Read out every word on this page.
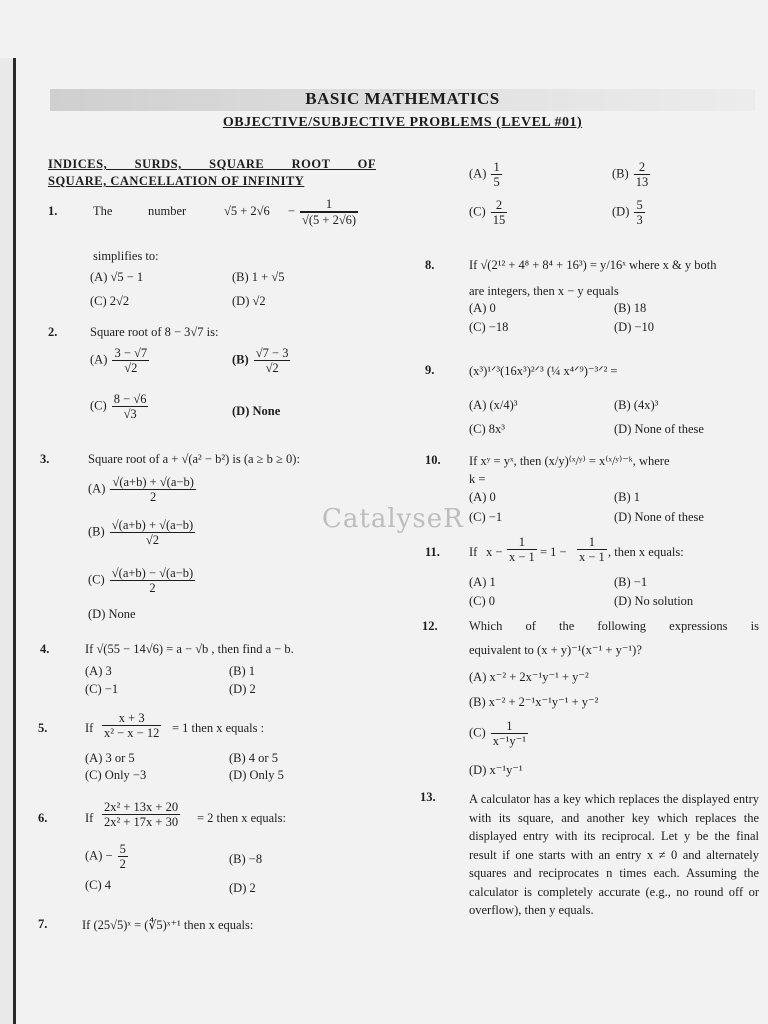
BASIC MATHEMATICS
OBJECTIVE/SUBJECTIVE PROBLEMS (LEVEL #01)
INDICES, SURDS, SQUARE ROOT OF
SQUARE, CANCELLATION OF INFINITY
CatalyseR
1.	The	number	$√5 + 2√6 - \frac{1}{√(5 + 2√6)}$
simplifies to:
(A) √5 − 1	(B) 1 + √5
(C) 2√2	(D) √2
2.	Square root of 8 − 3√7 is:
$(A) \frac{3 - √7}{√2}$	$(B) \frac{√7 - 3}{√2}$
$(C) \frac{8 - √6}{√3}$	(D) None
3.	Square root of a + √(a² − b²) is (a ≥ b ≥ 0):
$(A) \frac{√(a+b) + √(a-b)}{2}$
$(B) \frac{√(a+b) + √(a-b)}{√2}$
$(C) \frac{√(a+b) - √(a-b)}{2}$
(D) None
4.	If √(55 − 14√6) = a − √b , then find a − b.
(A) 3	(B) 1
(C) −1	(D) 2
5.	If $\frac{x + 3}{\text{x² − x − 12}} = 1$ then x equals :
(A) 3 or 5	(B) 4 or 5
(C) Only −3	(D) Only 5
6.	If $\frac{\text{2x² + 13x + 20}}{\text{2x² + 17x + 30}} = 2$ then x equals:
$(A) - \frac{5}{2}$	(B) −8
(C) 4	(D) 2
7.	If (25√5)ˣ = (∜5)ˣ⁺¹ then x equals:
$(A) \frac{1}{5}$	$(B) \frac{2}{13}$
$(C) \frac{2}{15}$	$(D) \frac{5}{3}$
8.	If √(2¹² + 4⁸ + 8⁴ + 16³) = y/16ˣ where x & y both
are integers, then x − y equals
(A) 0	(B) 18
(C) −18	(D) −10
9.	(x³)¹ᐟ³(16x³)²ᐟ³ (¼ x⁴ᐟ⁹)⁻³ᐟ² =
(A) (x/4)³	(B) (4x)³
(C) 8x³	(D) None of these
10. If xʸ = yˣ, then (x/y)⁽ˣ/ʸ⁾ = x⁽ˣ/ʸ⁾⁻ᵏ, where
k =
(A) 0	(B) 1
(C) −1	(D) None of these
11. If $x - \frac{1}{x - 1} = 1 - \frac{1}{x - 1}$ , then x equals:
(A) 1	(B) −1
(C) 0	(D) No solution
12.	Which of the following expressions is
equivalent to (x + y)⁻¹(x⁻¹ + y⁻¹)?
(A) x⁻² + 2x⁻¹y⁻¹ + y⁻²
(B) x⁻² + 2⁻¹x⁻¹y⁻¹ + y⁻²
$(C) \frac{1}{\text{x⁻¹y⁻¹}}$
(D) x⁻¹y⁻¹
13.	A calculator has a key which replaces the displayed entry with its square, and another key which replaces the displayed entry with its reciprocal. Let y be the final result if one starts with an entry x ≠ 0 and alternately squares and reciprocates n times each. Assuming the calculator is completely accurate (e.g., no round off or overflow), then y equals.
